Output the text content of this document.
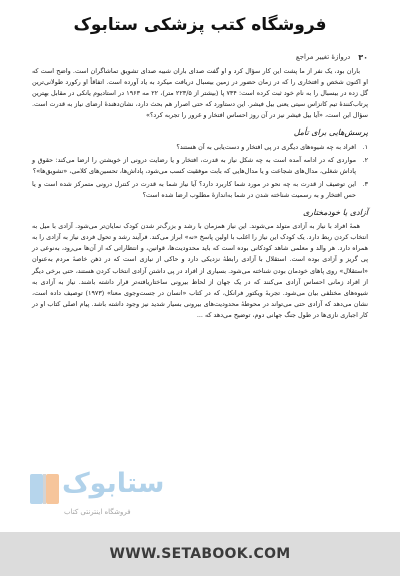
فروشگاه کتب پزشکی ستابوک
۳۰
دروازهٔ تغییر مراجع

باران بود، یک نفر از ما پشت این کار سؤال کرد و او گفت صدای باران شبیه صدای تشویق تماشاگران است. واضح است که او اکنون شخص و افتخاری را که در زمان حضور در زمین بیسبال دریافت میکرد به یاد آورده است. اتفاقاً او رکورد طولانی‌ترین گل زده در بیسبال را به نام خود ثبت کرده است: ۷۳۴ پا (بیشتر از ۲۲۳/۵ متر)، ۲۲ مه ۱۹۶۳ در استادیوم یانکی در مقابل بهترین پرتاب‌کنندهٔ تیم کانزاس سیتی یعنی بیل فیشر. این دستاورد که حتی اصرار هم بحث دارد، نشان‌دهندهٔ ارضای نیاز به قدرت است. سؤال این است، «آیا بیل فیشر نیز در آن روز احساس افتخار و غرور را تجربه کرد؟»

پرسش‌هایی برای تأمل
۱.
افراد به چه شیوه‌های دیگری در پی افتخار و دست‌یابی به آن هستند؟
۲.
مواردی که در ادامه آمده است به چه شکل نیاز به قدرت، افتخار و یا رضایت درونی از خویشتن را ارضا می‌کند: حقوق و پاداش شغلی، مدال‌های شجاعت و یا مدال‌هایی که بابت موفقیت کسب می‌شود، پاداش‌ها، تحسین‌های کلامی، «تشویق‌ها»؟
۳.
این توصیف از قدرت به چه نحو در مورد شما کاربرد دارد؟ آیا نیاز شما به قدرت در کنترل درونی متمرکز شده است و یا حس افتخار و به رسمیت شناخته شدن در شما به‌اندازهٔ مطلوب ارضا شده است؟
آزادی یا خودمختاری

همهٔ افراد با نیاز به آزادی متولد می‌شوند. این نیاز همزمان با رشد و بزرگ‌تر شدن کودک نمایان‌تر می‌شود. آزادی با میل به انتخاب کردن ربط دارد. یک کودک این نیاز را اغلب با اولین پاسخ «نه» ابراز می‌کند. فرآیند رشد و تحول فردی نیاز به آزادی را به همراه دارد. هر والد و معلمی شاهد کودکانی بوده است که باید محدودیت‌ها، قوانین، و انتظاراتی که از آن‌ها می‌رود، به‌نوعی در پی گریز و آزادی بوده است. استقلال با آزادی رابطهٔ نزدیکی دارد و حاکی از نیازی است که در ذهن خاصهٔ مردم به‌عنوان «استقلال» روی پاهای خودمان بودن شناخته می‌شود. بسیاری از افراد در پی داشتن آزادی انتخاب کردن هستند، حتی برخی دیگر از افراد زمانی احساس آزادی می‌کنند که در یک جهان از لحاظ بیرونی ساختاریافته‌تر قرار داشته باشند. نیاز به آزادی به شیوه‌های مختلفی بیان می‌شود. تجربهٔ ویکتور فرانکل، که در کتاب «انسان در جست‌وجوی معنا» (۱۹۷۳) توصیف داده است، نشان می‌دهد که آزادی حتی می‌تواند در محوطهٔ محدودیت‌های بیرونی بسیار شدید نیز وجود داشته باشد. پیام اصلی کتاب او در کار اجباری نازی‌ها در طول جنگ جهانی دوم، توضیح می‌دهد که ...

ستابوک
فروشگاه اینترنتی کتاب
WWW.SETABOOK.COM
